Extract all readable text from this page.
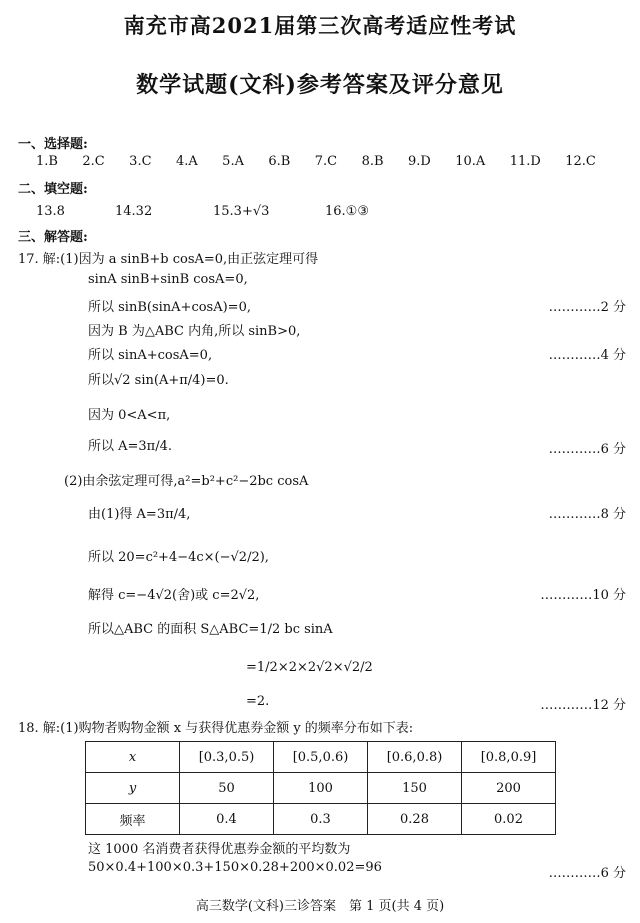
南充市高2021届第三次高考适应性考试
数学试题(文科)参考答案及评分意见
一、选择题:
1.B 2.C 3.C 4.A 5.A 6.B 7.C 8.B 9.D 10.A 11.D 12.C
二、填空题:
13.8	14.32	15.3+√3	16.①③
三、解答题:
17. 解:(1)因为 a sinB+b cosA=0,由正弦定理可得
sinA sinB+sinB cosA=0,
所以 sinB(sinA+cosA)=0,	…………2 分
因为 B 为△ABC 内角,所以 sinB>0,
所以 sinA+cosA=0,	…………4 分
所以√2 sin(A+π/4)=0.
因为 0<A<π,
所以 A=3π/4.	…………6 分
(2)由余弦定理可得,a²=b²+c²−2bc cosA
由(1)得 A=3π/4,	…………8 分
所以 20=c²+4−4c×(−√2/2),
解得 c=−4√2(舍)或 c=2√2,	…………10 分
所以△ABC 的面积 S△ABC=1/2 bc sinA
=1/2×2×2√2×√2/2
=2.	…………12 分
18. 解:(1)购物者购物金额 x 与获得优惠券金额 y 的频率分布如下表:
x	[0.3,0.5)	[0.5,0.6)	[0.6,0.8)	[0.8,0.9]
y	50	100	150	200
频率	0.4	0.3	0.28	0.02
这 1000 名消费者获得优惠券金额的平均数为
50×0.4+100×0.3+150×0.28+200×0.02=96	…………6 分
高三数学(文科)三诊答案　第 1 页(共 4 页)
